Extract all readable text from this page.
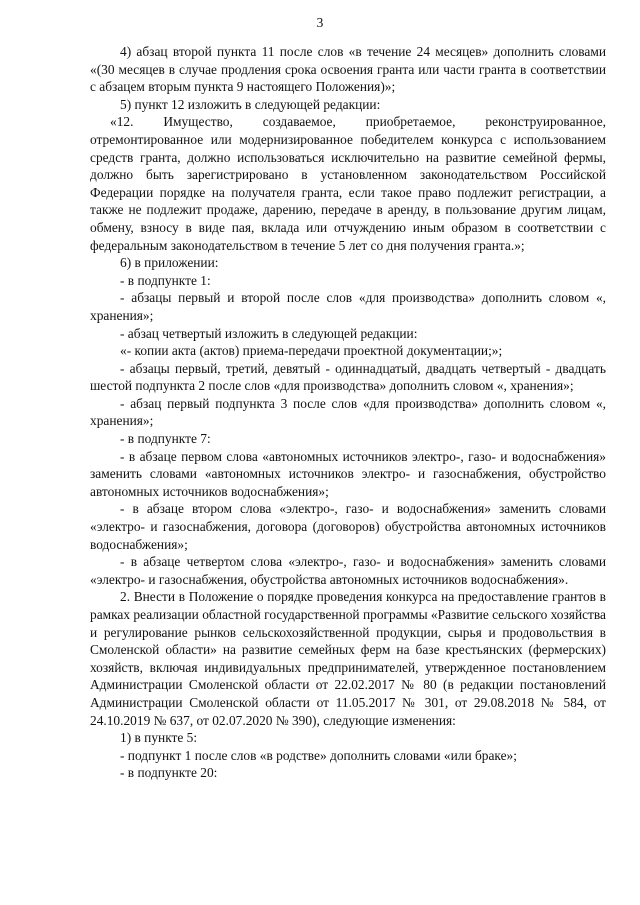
3

4) абзац второй пункта 11 после слов «в течение 24 месяцев» дополнить словами «(30 месяцев в случае продления срока освоения гранта или части гранта в соответствии с абзацем вторым пункта 9 настоящего Положения)»;

5) пункт 12 изложить в следующей редакции:

«12. Имущество, создаваемое, приобретаемое, реконструированное, отремонтированное или модернизированное победителем конкурса с использованием средств гранта, должно использоваться исключительно на развитие семейной фермы, должно быть зарегистрировано в установленном законодательством Российской Федерации порядке на получателя гранта, если такое право подлежит регистрации, а также не подлежит продаже, дарению, передаче в аренду, в пользование другим лицам, обмену, взносу в виде пая, вклада или отчуждению иным образом в соответствии с федеральным законодательством в течение 5 лет со дня получения гранта.»;

6) в приложении:

- в подпункте 1:

- абзацы первый и второй после слов «для производства» дополнить словом «, хранения»;

- абзац четвертый изложить в следующей редакции:

«- копии акта (актов) приема-передачи проектной документации;»;

- абзацы первый, третий, девятый - одиннадцатый, двадцать четвертый - двадцать шестой подпункта 2 после слов «для производства» дополнить словом «, хранения»;

- абзац первый подпункта 3 после слов «для производства» дополнить словом «, хранения»;

- в подпункте 7:

- в абзаце первом слова «автономных источников электро-, газо- и водоснабжения» заменить словами «автономных источников электро- и газоснабжения, обустройство автономных источников водоснабжения»;

- в абзаце втором слова «электро-, газо- и водоснабжения» заменить словами «электро- и газоснабжения, договора (договоров) обустройства автономных источников водоснабжения»;

- в абзаце четвертом слова «электро-, газо- и водоснабжения» заменить словами «электро- и газоснабжения, обустройства автономных источников водоснабжения».

2. Внести в Положение о порядке проведения конкурса на предоставление грантов в рамках реализации областной государственной программы «Развитие сельского хозяйства и регулирование рынков сельскохозяйственной продукции, сырья и продовольствия в Смоленской области» на развитие семейных ферм на базе крестьянских (фермерских) хозяйств, включая индивидуальных предпринимателей, утвержденное постановлением Администрации Смоленской области от 22.02.2017 № 80 (в редакции постановлений Администрации Смоленской области от 11.05.2017 № 301, от 29.08.2018 № 584, от 24.10.2019 № 637, от 02.07.2020 № 390), следующие изменения:

1) в пункте 5:

- подпункт 1 после слов «в родстве» дополнить словами «или браке»;

- в подпункте 20:
